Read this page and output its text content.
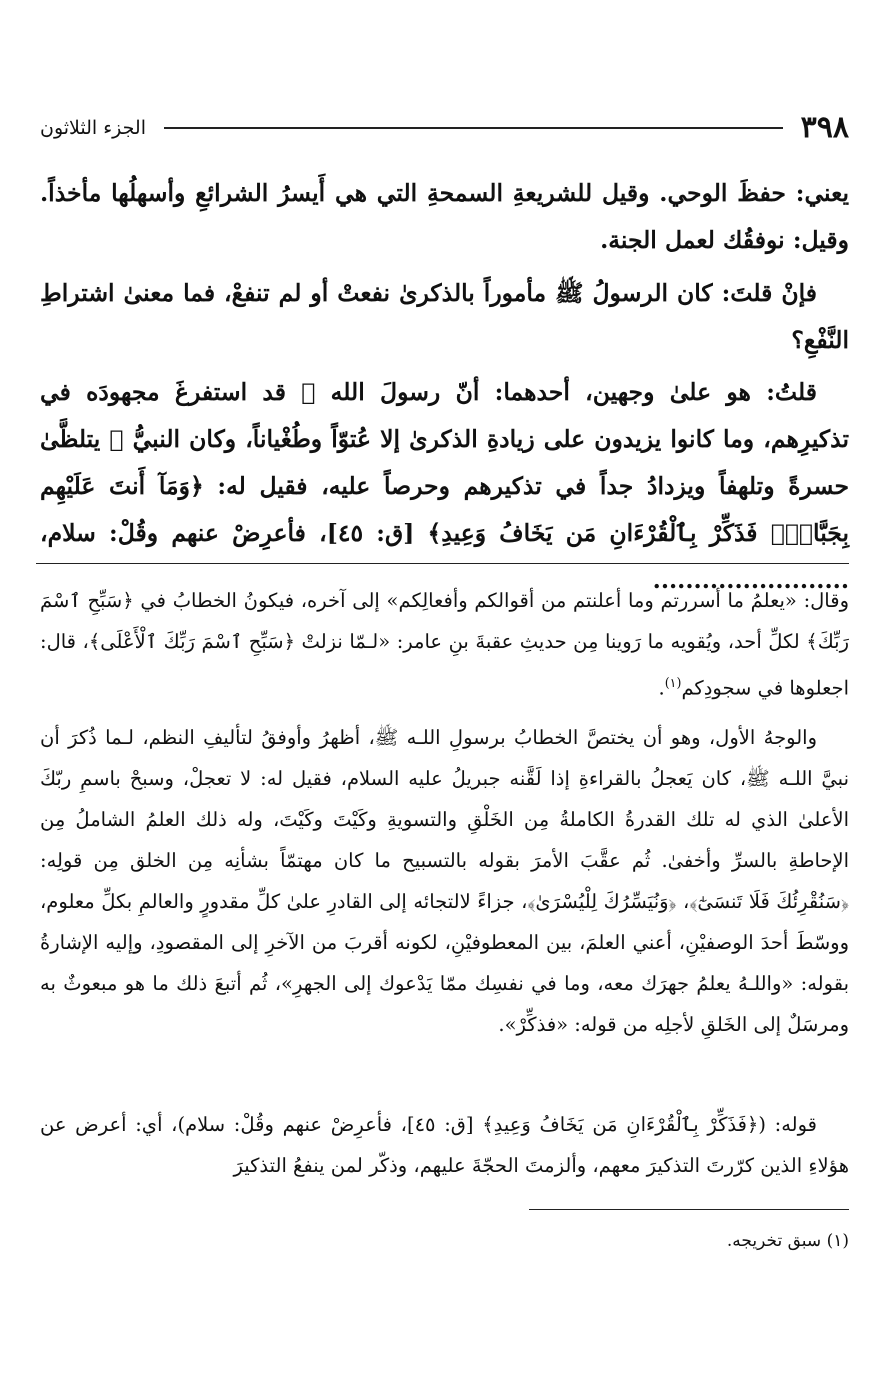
٣٩٨
الجزء الثلاثون

يعني: حفظَ الوحي. وقيل للشريعةِ السمحةِ التي هي أَيسرُ الشرائعِ وأسهلُها مأخذاً. وقيل: نوفقُك لعمل الجنة.

فإنْ قلتَ: كان الرسولُ ﷺ مأموراً بالذكرىٰ نفعتْ أو لم تنفعْ، فما معنىٰ اشتراطِ النَّفْعِ؟

قلتُ: هو علىٰ وجهين، أحدهما: أنّ رسولَ الله ﷺ قد استفرغَ مجهودَه في تذكيرِهم، وما كانوا يزيدون على زيادةِ الذكرىٰ إلا عُتوّاً وطُغْياناً، وكان النبيُّ ﷺ يتلظَّىٰ حسرةً وتلهفاً ويزدادُ جداً في تذكيرهم وحرصاً عليه، فقيل له: ﴿وَمَآ أَنتَ عَلَيْهِم بِجَبَّارٍۖ فَذَكِّرْ بِٱلْقُرْءَانِ مَن يَخَافُ وَعِيدِ﴾ [ق: ٤٥]، فأعرِضْ عنهم وقُلْ: سلام، ........................

وقال: «يعلمُ ما أسررتم وما أعلنتم من أقوالكم وأفعالِكم» إلى آخره، فيكونُ الخطابُ في ﴿سَبِّحِ ٱسْمَ رَبِّكَ﴾ لكلِّ أحد، ويُقويه ما رَوينا مِن حديثِ عقبةَ بنِ عامر: «لـمّا نزلتْ ﴿سَبِّحِ ٱسْمَ رَبِّكَ ٱلْأَعْلَى﴾، قال: اجعلوها في سجودِكم$^{(١)}$.

والوجهُ الأول، وهو أن يختصَّ الخطابُ برسولِ اللـه ﷺ، أظهرُ وأوفقُ لتأليفِ النظم، لـما ذُكرَ أن نبيَّ اللـه ﷺ، كان يَعجلُ بالقراءةِ إذا لَقَّنه جبريلُ عليه السلام، فقيل له: لا تعجلْ، وسبحْ باسمِ ربّكَ الأعلىٰ الذي له تلك القدرةُ الكاملةُ مِن الخَلْقِ والتسويةِ وكَيْتَ وكَيْتَ، وله ذلك العلمُ الشاملُ مِن الإحاطةِ بالسرِّ وأخفىٰ. ثُم عقَّبَ الأمرَ بقوله بالتسبيح ما كان مهتمّاً بشأنِه مِن الخلق مِن قولِه: ﴿سَنُقْرِئُكَ فَلَا تَنسَىٰٓ﴾، ﴿وَنُيَسِّرُكَ لِلْيُسْرَىٰ﴾، جزاءً لالتجائه إلى القادرِ علىٰ كلِّ مقدورٍ والعالمِ بكلِّ معلوم، ووسّطَ أحدَ الوصفيْنِ، أعني العلمَ، بين المعطوفيْنِ، لكونه أقربَ من الآخرِ إلى المقصودِ، وإليه الإشارةُ بقوله: «واللـهُ يعلمُ جهرَك معه، وما في نفسِك ممّا يَدْعوك إلى الجهرِ»، ثُم أتبعَ ذلك ما هو مبعوثٌ به ومرسَلٌ إلى الخَلقِ لأجلِه من قوله: «فذكِّرْ».

قوله: (﴿فَذَكِّرْ بِٱلْقُرْءَانِ مَن يَخَافُ وَعِيدِ﴾ [ق: ٤٥]، فأعرِضْ عنهم وقُلْ: سلام)، أي: أعرض عن هؤلاءِ الذين كرّرتَ التذكيرَ معهم، وألزمتَ الحجّةَ عليهم، وذكّر لمن ينفعُ التذكيرَ

(١) سبق تخريجه.
